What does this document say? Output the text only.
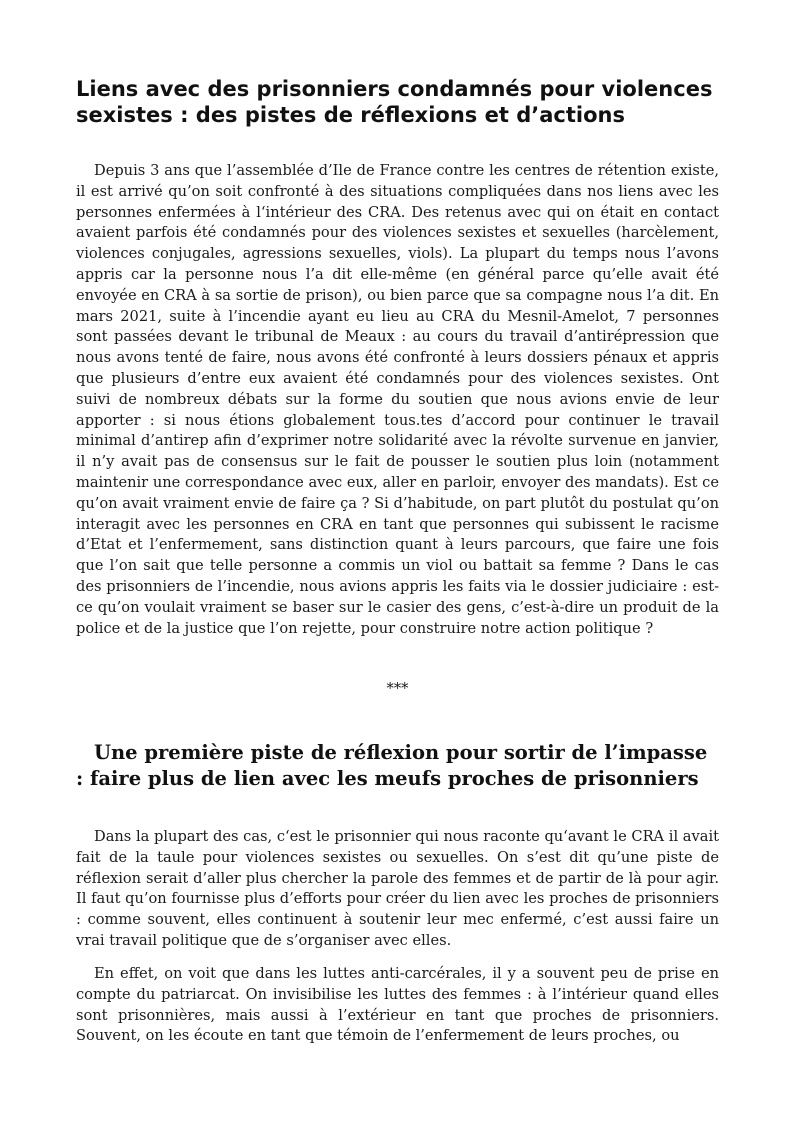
Liens avec des prisonniers condamnés pour violences sexistes : des pistes de réflexions et d’actions

Depuis 3 ans que l’assemblée d’Ile de France contre les centres de rétention existe, il est arrivé qu’on soit confronté à des situations compliquées dans nos liens avec les personnes enfermées à l‘intérieur des CRA. Des retenus avec qui on était en contact avaient parfois été condamnés pour des violences sexistes et sexuelles (harcèlement, violences conjugales, agressions sexuelles, viols). La plupart du temps nous l’avons appris car la personne nous l’a dit elle-même (en général parce qu’elle avait été envoyée en CRA à sa sortie de prison), ou bien parce que sa compagne nous l’a dit. En mars 2021, suite à l’incendie ayant eu lieu au CRA du Mesnil-Amelot, 7 personnes sont passées devant le tribunal de Meaux : au cours du travail d’antirépression que nous avons tenté de faire, nous avons été confronté à leurs dossiers pénaux et appris que plusieurs d’entre eux avaient été condamnés pour des violences sexistes. Ont suivi de nombreux débats sur la forme du soutien que nous avions envie de leur apporter : si nous étions globalement tous.tes d’accord pour continuer le travail minimal d’antirep afin d’exprimer notre solidarité avec la révolte survenue en janvier, il n’y avait pas de consensus sur le fait de pousser le soutien plus loin (notamment maintenir une correspondance avec eux, aller en parloir, envoyer des mandats). Est ce qu’on avait vraiment envie de faire ça ? Si d’habitude, on part plutôt du postulat qu’on interagit avec les personnes en CRA en tant que personnes qui subissent le racisme d’Etat et l’enfermement, sans distinction quant à leurs parcours, que faire une fois que l’on sait que telle personne a commis un viol ou battait sa femme ? Dans le cas des prisonniers de l’incendie, nous avions appris les faits via le dossier judiciaire : est-ce qu’on voulait vraiment se baser sur le casier des gens, c’est-à-dire un produit de la police et de la justice que l’on rejette, pour construire notre action politique ?

***
Une première piste de réflexion pour sortir de l’impasse : faire plus de lien avec les meufs proches de prisonniers

Dans la plupart des cas, c‘est le prisonnier qui nous raconte qu‘avant le CRA il avait fait de la taule pour violences sexistes ou sexuelles. On s’est dit qu’une piste de réflexion serait d’aller plus chercher la parole des femmes et de partir de là pour agir. Il faut qu’on fournisse plus d’efforts pour créer du lien avec les proches de prisonniers : comme souvent, elles continuent à soutenir leur mec enfermé, c’est aussi faire un vrai travail politique que de s’organiser avec elles.

En effet, on voit que dans les luttes anti-carcérales, il y a souvent peu de prise en compte du patriarcat. On invisibilise les luttes des femmes : à l’intérieur quand elles sont prisonnières, mais aussi à l’extérieur en tant que proches de prisonniers. Souvent, on les écoute en tant que témoin de l’enfermement de leurs proches, ou
